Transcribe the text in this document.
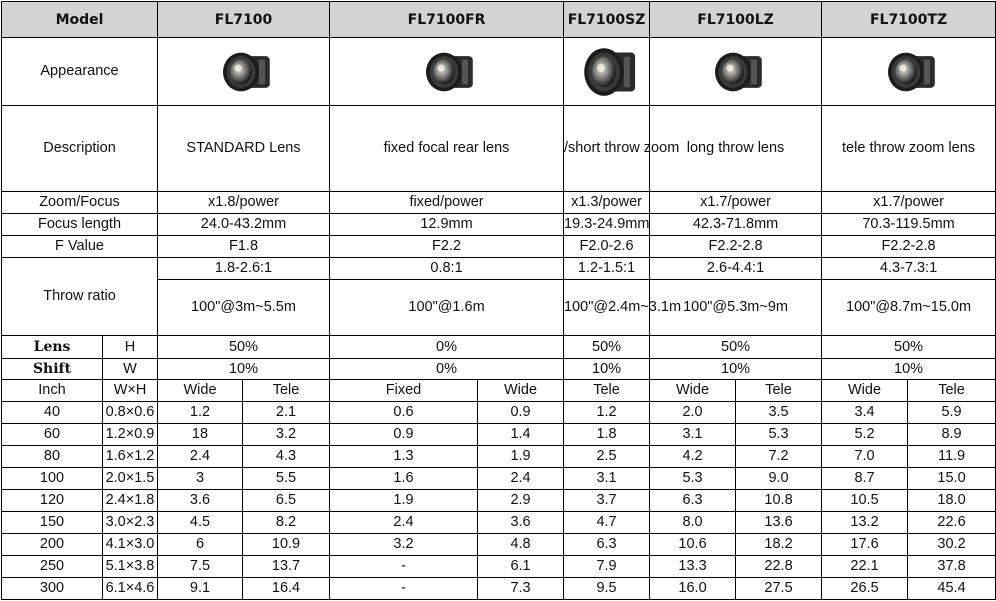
Model		FL7100		FL7100FR		FL7100SZ	FL7100LZ		FL7100TZ	
Appearance	

Description		STANDARD Lens		fixed focal rear lens		/short throw zoom	long throw lens		tele throw zoom lens	
Zoom/Focus		x1.8/power		fixed/power		x1.3/power	x1.7/power		x1.7/power	
Focus length		24.0-43.2mm		12.9mm		19.3-24.9mm	42.3-71.8mm		70.3-119.5mm	
F Value		F1.8		F2.2		F2.0-2.6	F2.2-2.8		F2.2-2.8	
Throw ratio		1.8-2.6:1		0.8:1		1.2-1.5:1	2.6-4.4:1		4.3-7.3:1	
		100"@3m~5.5m		100"@1.6m		100"@2.4m~3.1m	100"@5.3m~9m		100"@8.7m~15.0m	
Lens	H	50%		0%		50%	50%		50%	
Shift	W	10%		0%		10%	10%		10%	
Inch	W×H	Wide	Tele	Fixed	Wide	Tele	Wide	Tele	Wide	Tele
40	0.8×0.6	1.2	2.1	0.6	0.9	1.2	2.0	3.5	3.4	5.9
60	1.2×0.9	18	3.2	0.9	1.4	1.8	3.1	5.3	5.2	8.9
80	1.6×1.2	2.4	4.3	1.3	1.9	2.5	4.2	7.2	7.0	11.9
100	2.0×1.5	3	5.5	1.6	2.4	3.1	5.3	9.0	8.7	15.0
120	2.4×1.8	3.6	6.5	1.9	2.9	3.7	6.3	10.8	10.5	18.0
150	3.0×2.3	4.5	8.2	2.4	3.6	4.7	8.0	13.6	13.2	22.6
200	4.1×3.0	6	10.9	3.2	4.8	6.3	10.6	18.2	17.6	30.2
250	5.1×3.8	7.5	13.7	-	6.1	7.9	13.3	22.8	22.1	37.8
300	6.1×4.6	9.1	16.4	-	7.3	9.5	16.0	27.5	26.5	45.4
